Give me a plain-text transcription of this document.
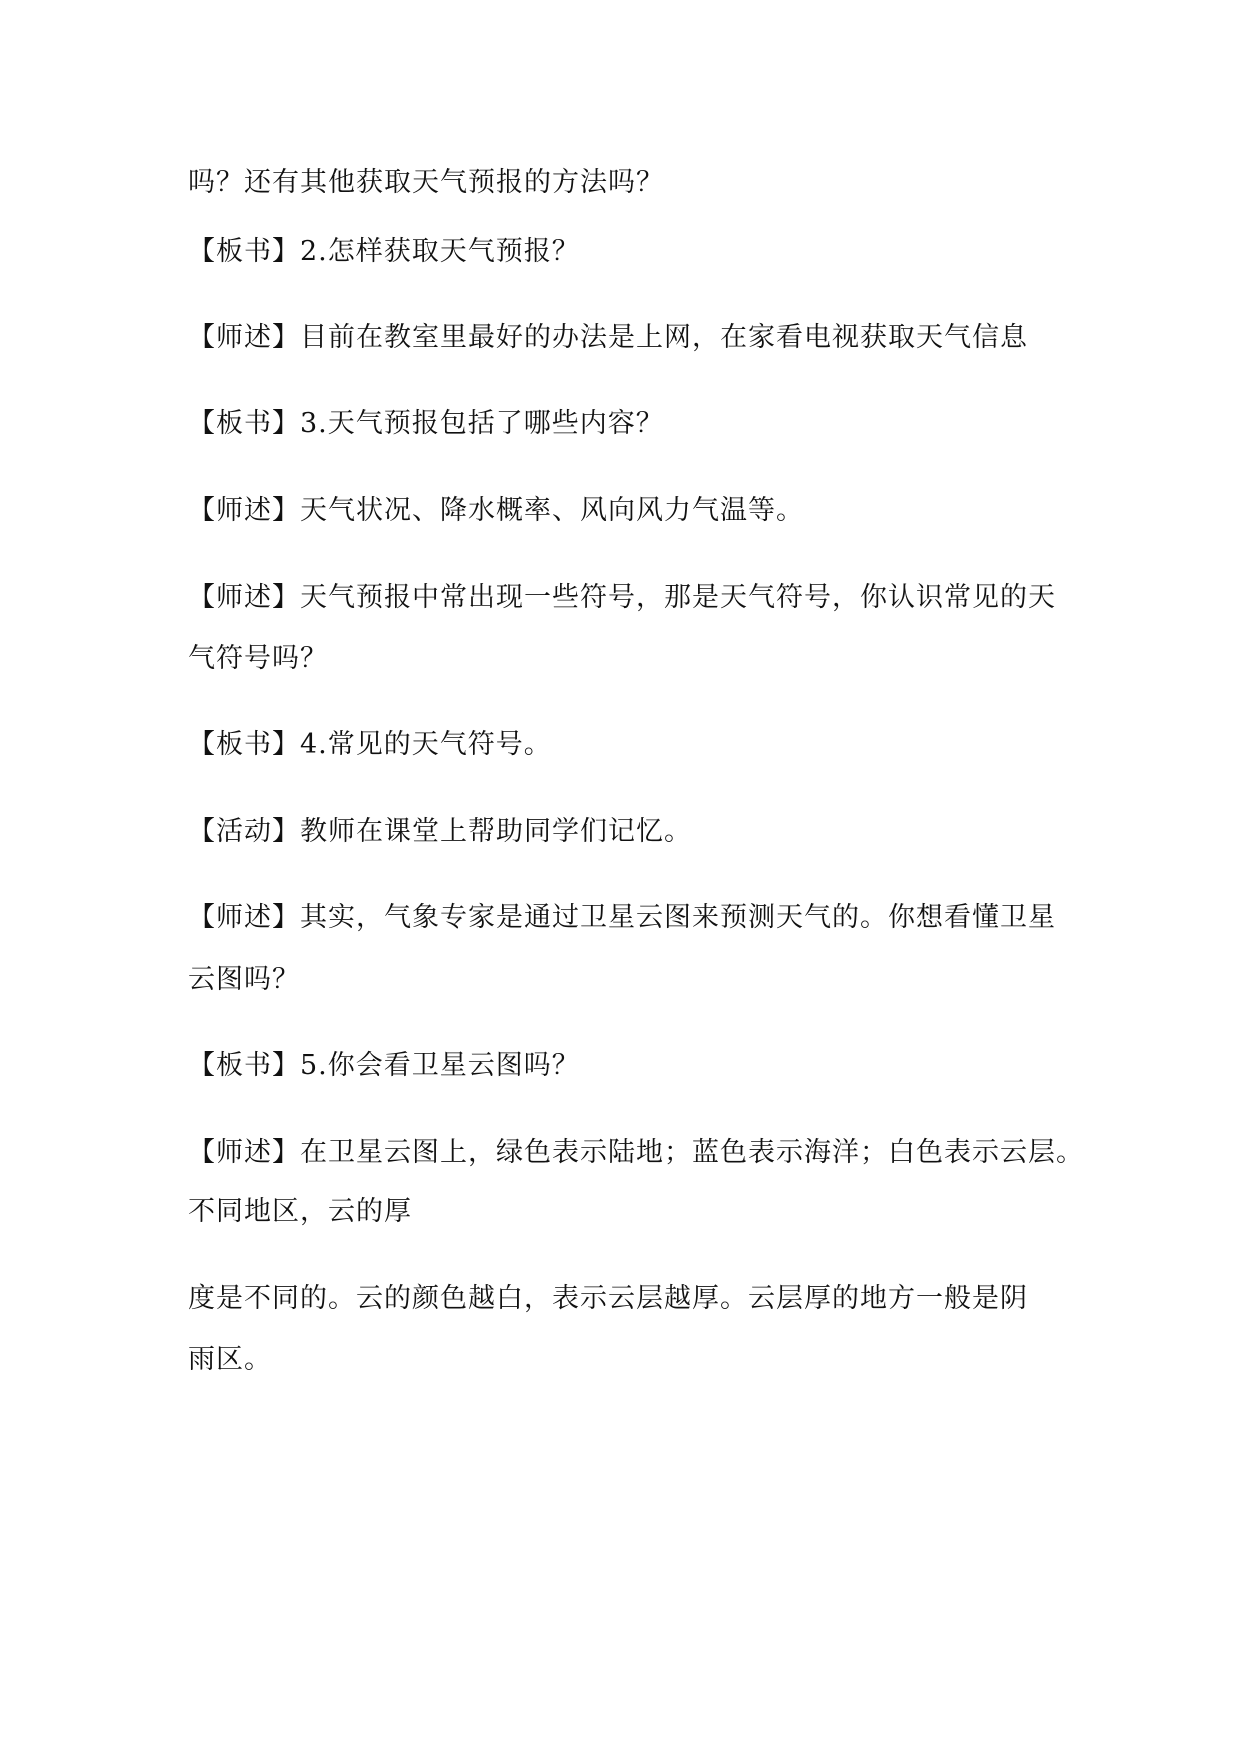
吗？还有其他获取天气预报的方法吗？
【板书】2.怎样获取天气预报？
【师述】目前在教室里最好的办法是上网，在家看电视获取天气信息
【板书】3.天气预报包括了哪些内容？
【师述】天气状况、降水概率、风向风力气温等。
【师述】天气预报中常出现一些符号，那是天气符号，你认识常见的天
气符号吗？
【板书】4.常见的天气符号。
【活动】教师在课堂上帮助同学们记忆。
【师述】其实，气象专家是通过卫星云图来预测天气的。你想看懂卫星
云图吗？
【板书】5.你会看卫星云图吗？
【师述】在卫星云图上，绿色表示陆地；蓝色表示海洋；白色表示云层。
不同地区，云的厚
度是不同的。云的颜色越白，表示云层越厚。云层厚的地方一般是阴
雨区。
